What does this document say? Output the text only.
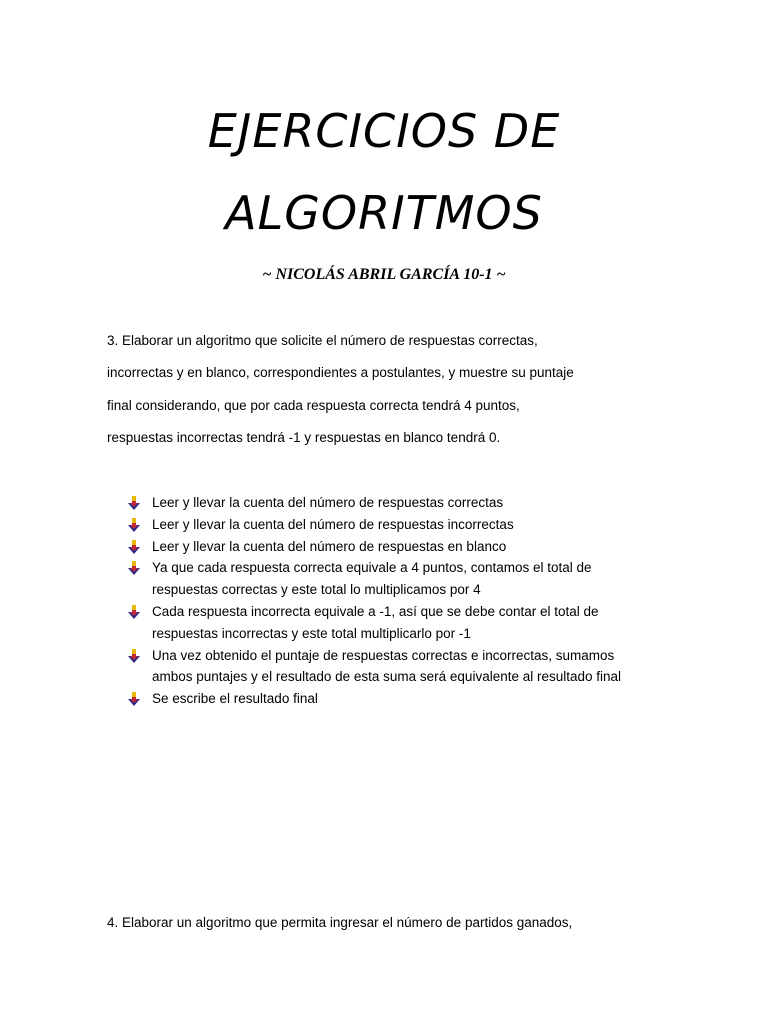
EJERCICIOS DE
ALGORITMOS
~ NICOLÁS ABRIL GARCÍA 10-1 ~
3. Elaborar un algoritmo que solicite el número de respuestas correctas,
incorrectas y en blanco, correspondientes a postulantes, y muestre su puntaje
final considerando, que por cada respuesta correcta tendrá 4 puntos,
respuestas incorrectas tendrá -1 y respuestas en blanco tendrá 0.
Leer y llevar la cuenta del número de respuestas correctas
Leer y llevar la cuenta del número de respuestas incorrectas
Leer y llevar la cuenta del número de respuestas en blanco
Ya que cada respuesta correcta equivale a 4 puntos, contamos el total de respuestas correctas y este total lo multiplicamos por 4
Cada respuesta incorrecta equivale a -1, así que se debe contar el total de respuestas incorrectas y este total multiplicarlo por -1
Una vez obtenido el puntaje de respuestas correctas e incorrectas, sumamos ambos puntajes y el resultado de esta suma será equivalente al resultado final
Se escribe el resultado final
4. Elaborar un algoritmo que permita ingresar el número de partidos ganados,
